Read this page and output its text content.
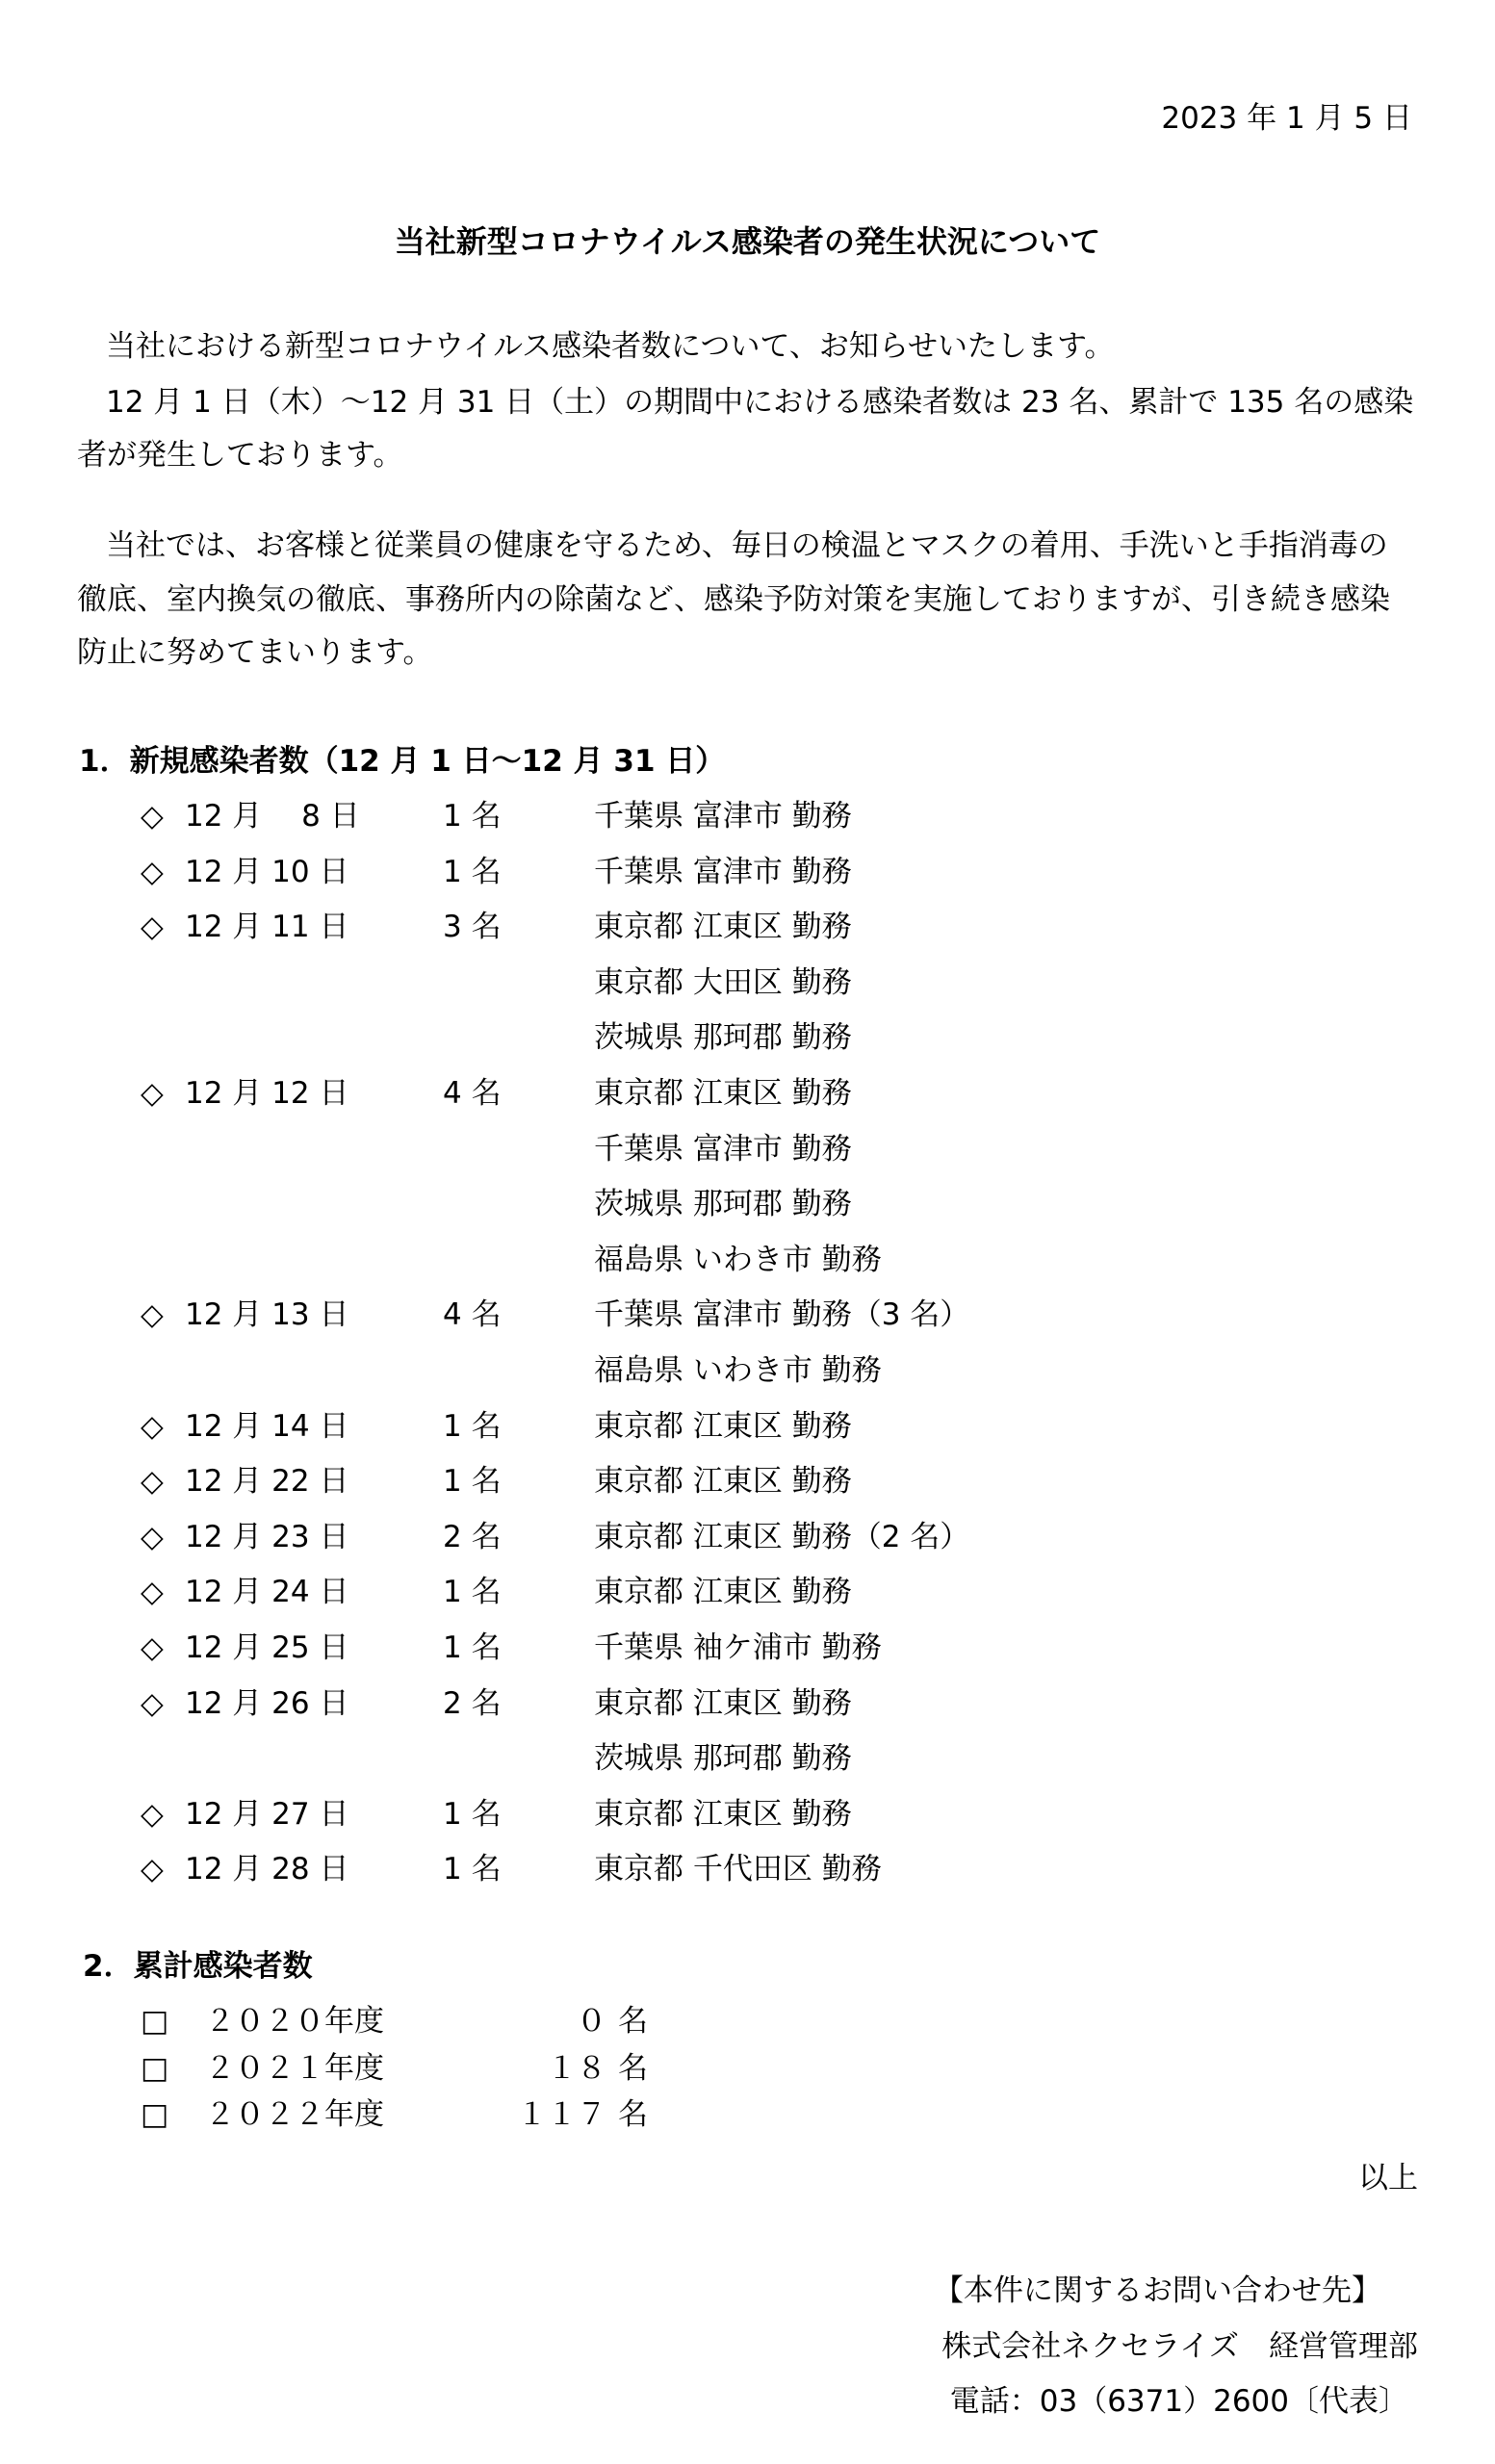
2023 年 1 月 5 日
当社新型コロナウイルス感染者の発生状況について
当社における新型コロナウイルス感染者数について、お知らせいたします。
12 月 1 日（木）～12 月 31 日（土）の期間中における感染者数は 23 名、累計で 135 名の感染
者が発生しております。
当社では、お客様と従業員の健康を守るため、毎日の検温とマスクの着用、手洗いと手指消毒の
徹底、室内換気の徹底、事務所内の除菌など、感染予防対策を実施しておりますが、引き続き感染
防止に努めてまいります。
1．新規感染者数（12 月 1 日～12 月 31 日）
◇ 12 月　 8 日	1 名	千葉県 富津市 勤務
◇ 12 月 10 日	1 名	千葉県 富津市 勤務
◇ 12 月 11 日	3 名	東京都 江東区 勤務
東京都 大田区 勤務
茨城県 那珂郡 勤務
◇ 12 月 12 日	4 名	東京都 江東区 勤務
千葉県 富津市 勤務
茨城県 那珂郡 勤務
福島県 いわき市 勤務
◇ 12 月 13 日	4 名	千葉県 富津市 勤務（3 名）
福島県 いわき市 勤務
◇ 12 月 14 日	1 名	東京都 江東区 勤務
◇ 12 月 22 日	1 名	東京都 江東区 勤務
◇ 12 月 23 日	2 名	東京都 江東区 勤務（2 名）
◇ 12 月 24 日	1 名	東京都 江東区 勤務
◇ 12 月 25 日	1 名	千葉県 袖ケ浦市 勤務
◇ 12 月 26 日	2 名	東京都 江東区 勤務
茨城県 那珂郡 勤務
◇ 12 月 27 日	1 名	東京都 江東区 勤務
◇ 12 月 28 日	1 名	東京都 千代田区 勤務
2．累計感染者数
□ ２０２０年度	０ 名
□ ２０２１年度	１８ 名
□ ２０２２年度	１１７ 名
以上
【本件に関するお問い合わせ先】
株式会社ネクセライズ　経営管理部
電話：03（6371）2600〔代表〕
